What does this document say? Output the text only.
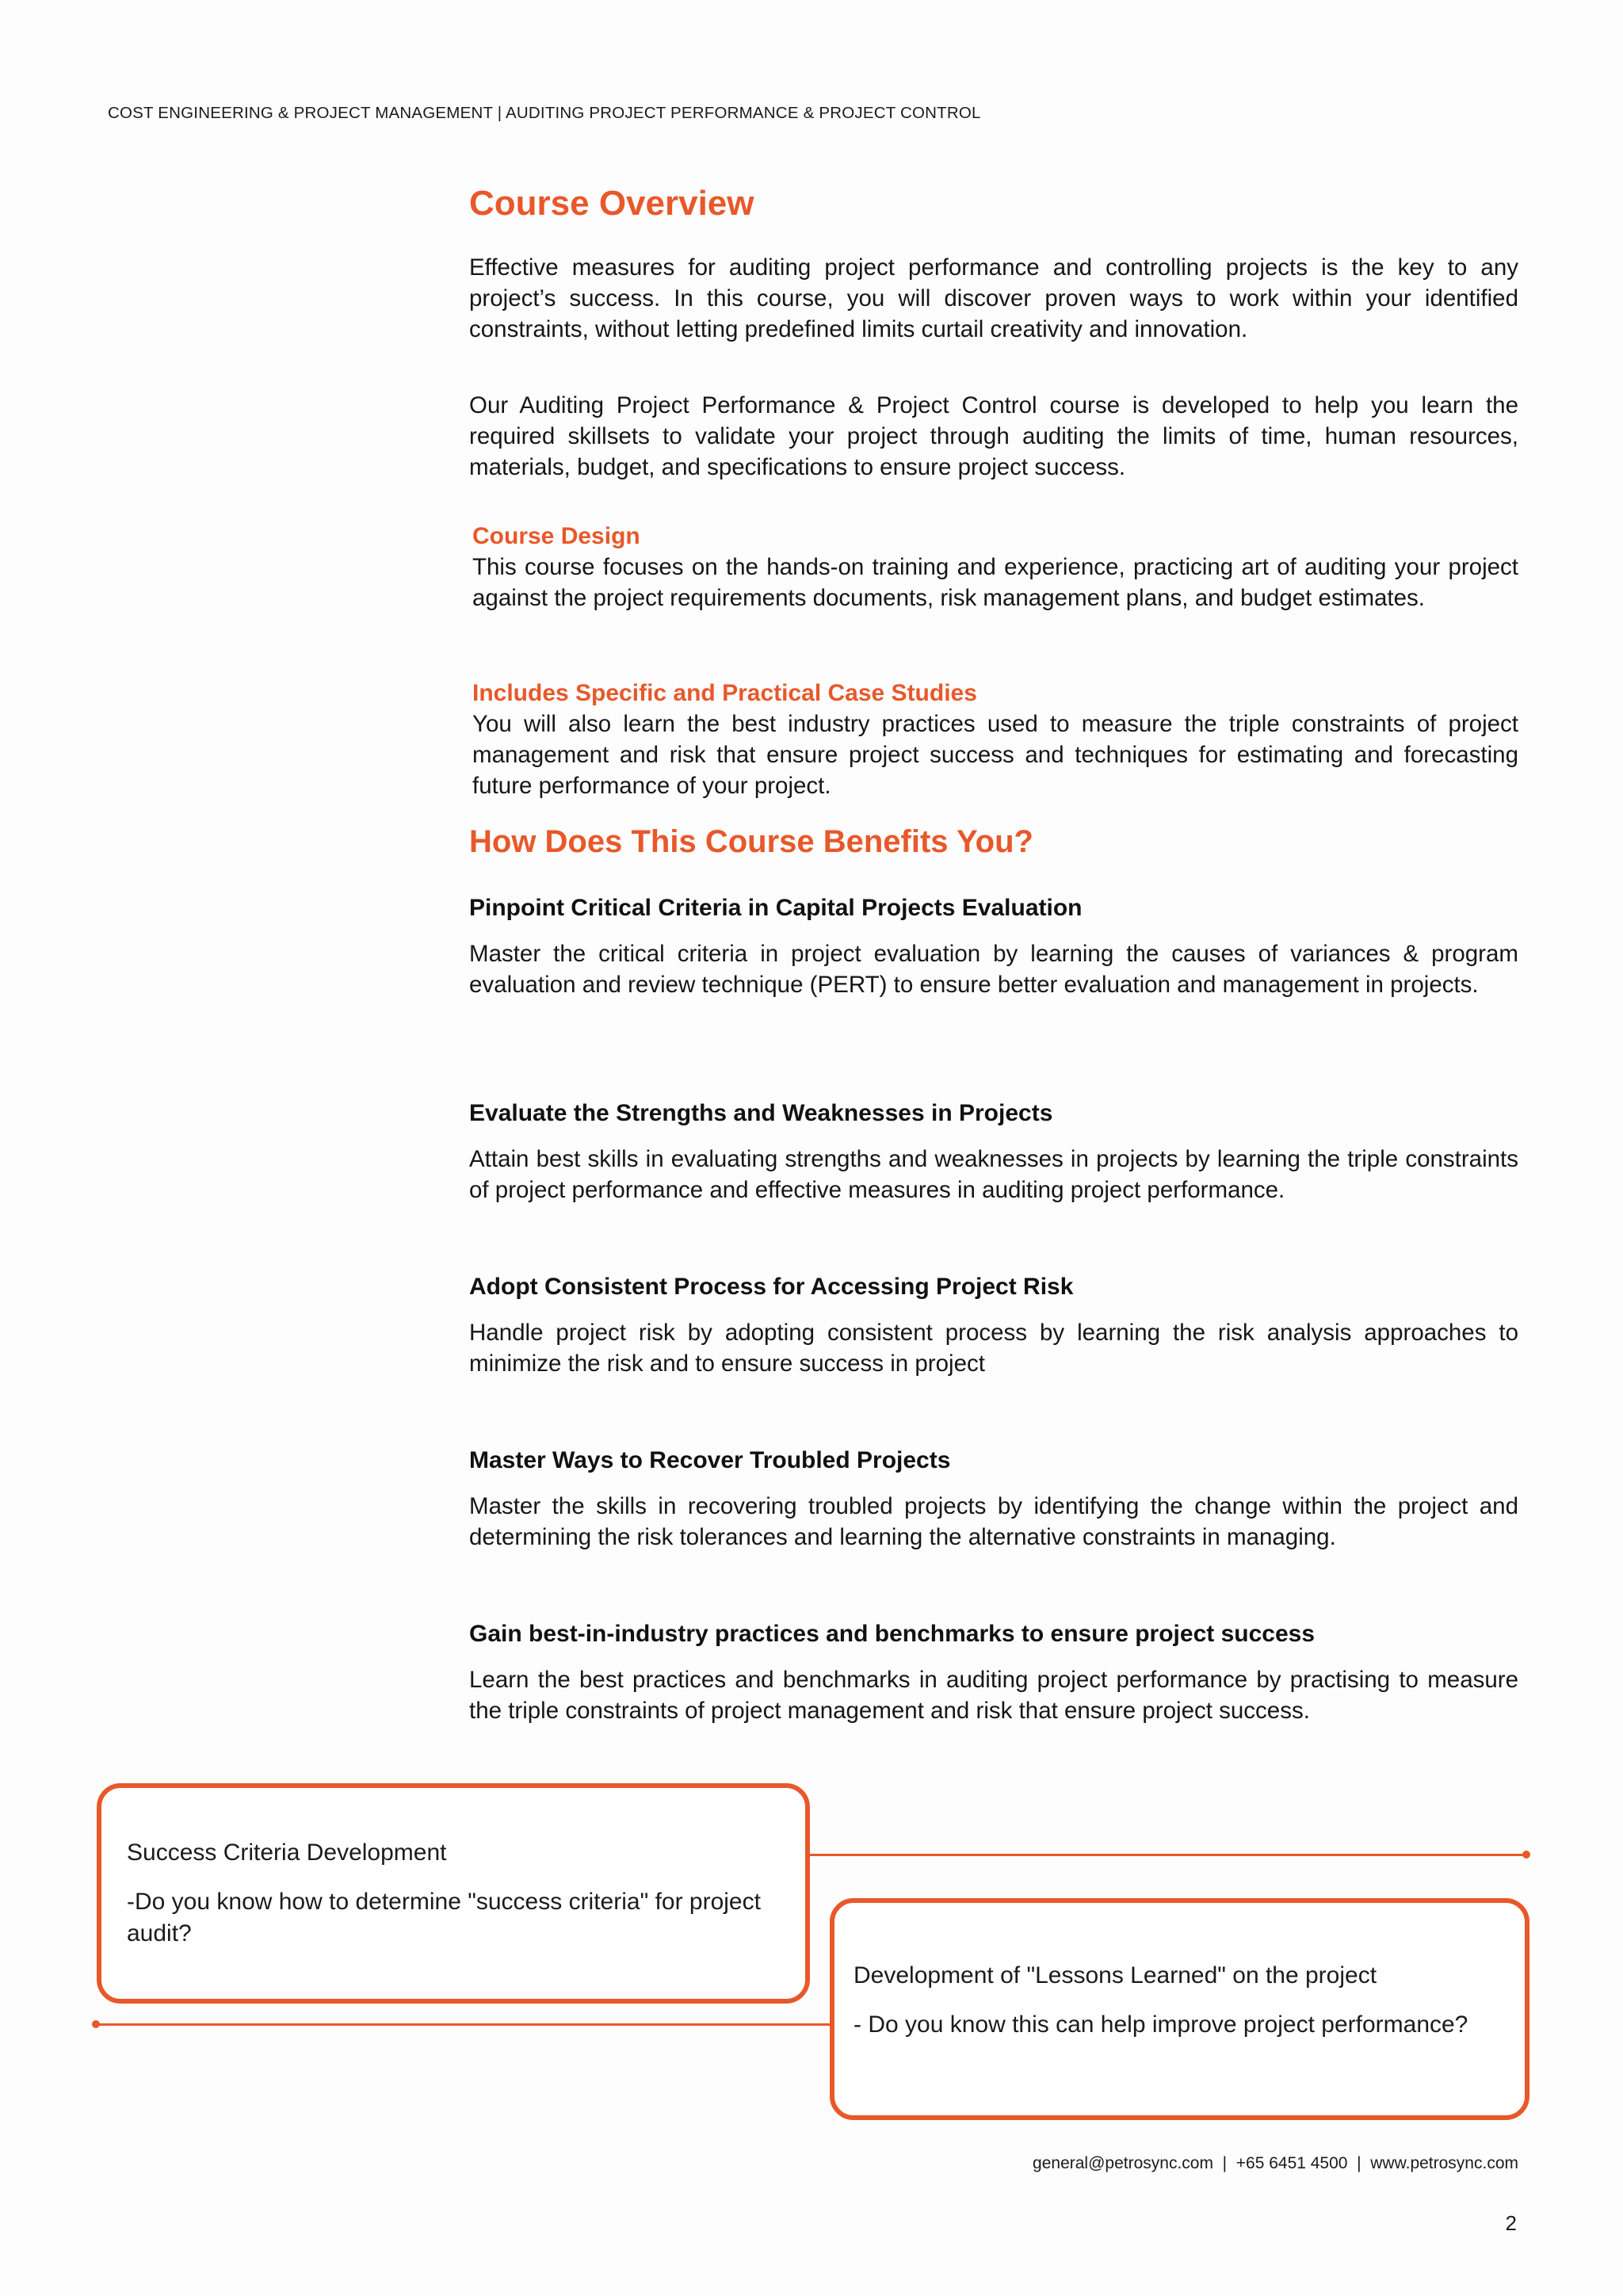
COST ENGINEERING & PROJECT MANAGEMENT | AUDITING PROJECT PERFORMANCE & PROJECT CONTROL
Course Overview

Effective measures for auditing project performance and controlling projects is the key to any project’s success. In this course, you will discover proven ways to work within your identified constraints, without letting predefined limits curtail creativity and innovation.

Our Auditing Project Performance & Project Control course is developed to help you learn the required skillsets to validate your project through auditing the limits of time, human resources, materials, budget, and specifications to ensure project success.

Course Design

This course focuses on the hands-on training and experience, practicing art of auditing your project against the project requirements documents, risk management plans, and budget estimates.

Includes Specific and Practical Case Studies

You will also learn the best industry practices used to measure the triple constraints of project management and risk that ensure project success and techniques for estimating and forecasting future performance of your project.

How Does This Course Benefits You?
Pinpoint Critical Criteria in Capital Projects Evaluation

Master the critical criteria in project evaluation by learning the causes of variances & program evaluation and review technique (PERT) to ensure better evaluation and management in projects.

Evaluate the Strengths and Weaknesses in Projects

Attain best skills in evaluating strengths and weaknesses in projects by learning the triple constraints of project performance and effective measures in auditing project performance.

Adopt Consistent Process for Accessing Project Risk

Handle project risk by adopting consistent process by learning the risk analysis approaches to minimize the risk and to ensure success in project

Master Ways to Recover Troubled Projects

Master the skills in recovering troubled projects by identifying the change within the project and determining the risk tolerances and learning the alternative constraints in managing.

Gain best-in-industry practices and benchmarks to ensure project success

Learn the best practices and benchmarks in auditing project performance by practising to measure the triple constraints of project management and risk that ensure project success.

Success Criteria Development

-Do you know how to determine "success criteria" for project audit?

Development of "Lessons Learned" on the project

- Do you know this can help improve project performance?

general@petrosync.com  |  +65 6451 4500  |  www.petrosync.com
2
